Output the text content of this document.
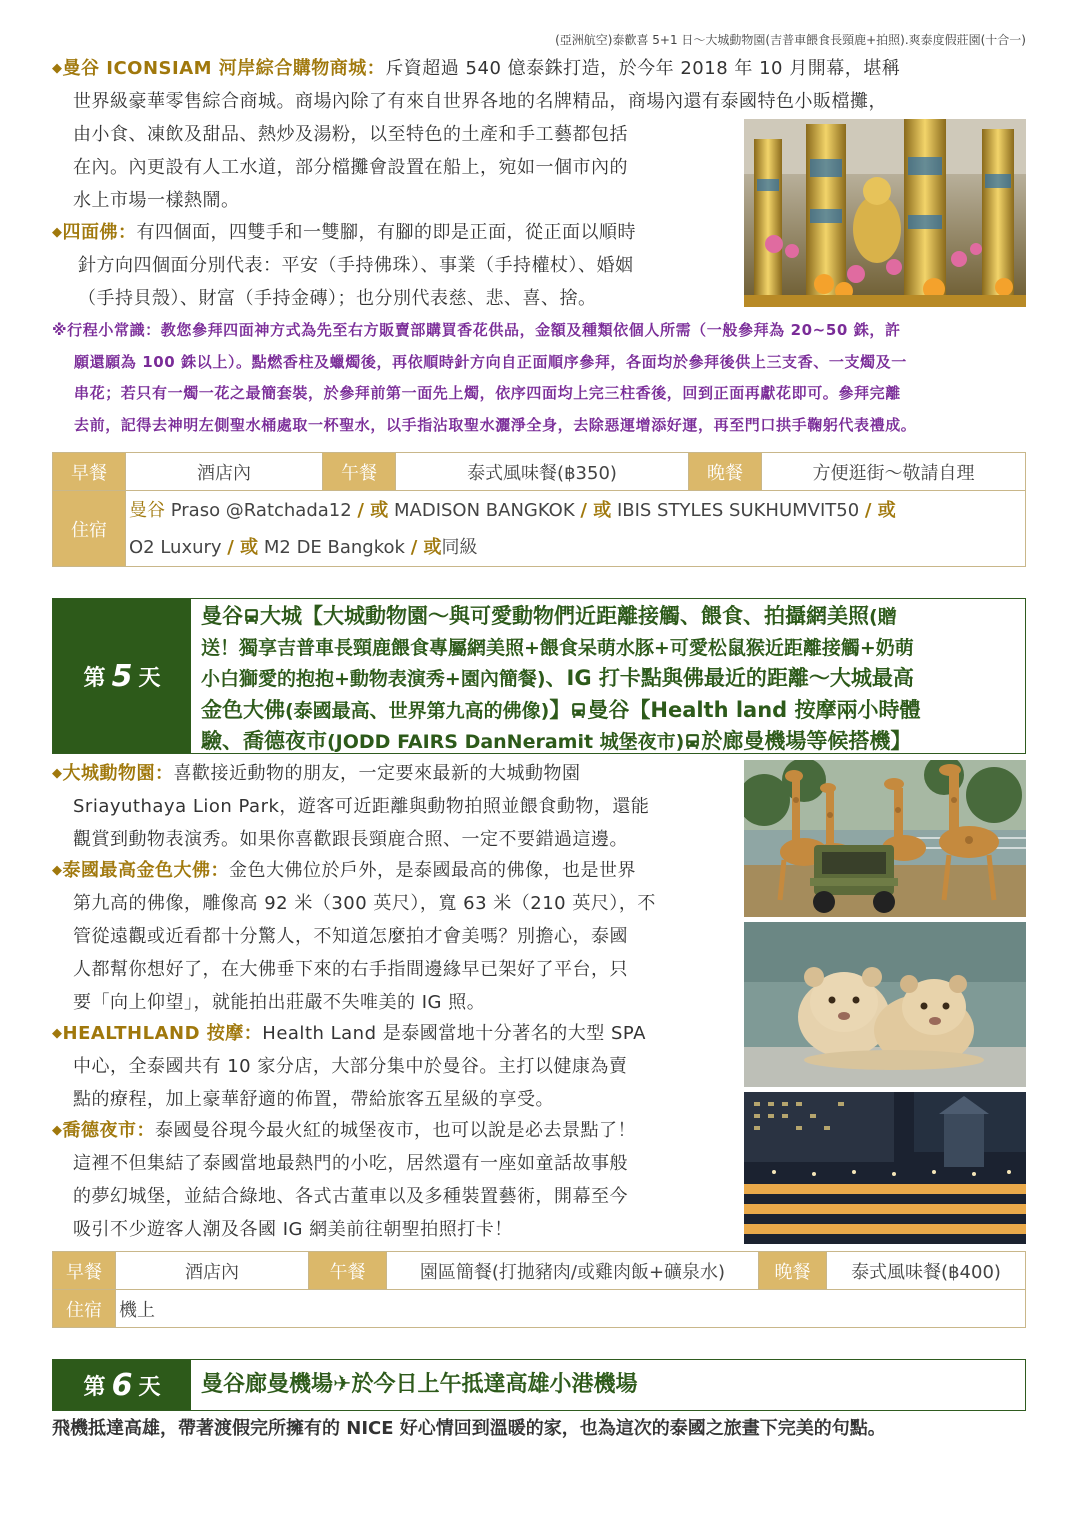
(亞洲航空)泰歡喜 5+1 日～大城動物園(吉普車餵食長頸鹿+拍照).爽泰度假莊園(十合一)
◆曼谷 ICONSIAM 河岸綜合購物商城：斥資超過 540 億泰銖打造，於今年 2018 年 10 月開幕，堪稱
世界級豪華零售綜合商城。商場內除了有來自世界各地的名牌精品，商場內還有泰國特色小販檔攤，
由小食、凍飲及甜品、熱炒及湯粉，以至特色的土產和手工藝都包括
在內。內更設有人工水道，部分檔攤會設置在船上，宛如一個市內的
水上市場一樣熱鬧。
◆四面佛：有四個面，四雙手和一雙腳，有腳的即是正面，從正面以順時
針方向四個面分別代表：平安（手持佛珠）、事業（手持權杖）、婚姻
（手持貝殼）、財富（手持金磚）；也分別代表慈、悲、喜、捨。
※行程小常識：教您參拜四面神方式為先至右方販賣部購買香花供品，金額及種類依個人所需（一般參拜為 20~50 銖，許
願還願為 100 銖以上）。點燃香柱及蠟燭後，再依順時針方向自正面順序參拜，各面均於參拜後供上三支香、一支燭及一
串花；若只有一燭一花之最簡套裝，於參拜前第一面先上燭，依序四面均上完三柱香後，回到正面再獻花即可。參拜完離
去前，記得去神明左側聖水桶處取一杯聖水，以手指沾取聖水灑淨全身，去除惡運增添好運，再至門口拱手鞠躬代表禮成。
早餐	酒店內	午餐	泰式風味餐(฿350)	晚餐	方便逛街～敬請自理
住宿	曼谷 Praso @Ratchada12 / 或 MADISON BANGKOK / 或 IBIS STYLES SUKHUMVIT50 / 或
O2 Luxury / 或 M2 DE Bangkok / 或同級				
第 5 天
曼谷 大城【大城動物園～與可愛動物們近距離接觸、餵食、拍攝網美照(贈
送！獨享吉普車長頸鹿餵食專屬網美照+餵食呆萌水豚+可愛松鼠猴近距離接觸+奶萌
小白獅愛的抱抱+動物表演秀+園內簡餐)、IG 打卡點與佛最近的距離～大城最高
金色大佛(泰國最高、世界第九高的佛像)】 曼谷【Health land 按摩兩小時體
驗、喬德夜市(JODD FAIRS DanNeramit 城堡夜市) 於廊曼機場等候搭機】
◆大城動物園：喜歡接近動物的朋友，一定要來最新的大城動物園
Sriayuthaya Lion Park，遊客可近距離與動物拍照並餵食動物，還能
觀賞到動物表演秀。如果你喜歡跟長頸鹿合照、一定不要錯過這邊。
◆泰國最高金色大佛：金色大佛位於戶外，是泰國最高的佛像，也是世界
第九高的佛像，雕像高 92 米（300 英尺），寬 63 米（210 英尺），不
管從遠觀或近看都十分驚人，不知道怎麼拍才會美嗎？別擔心，泰國
人都幫你想好了，在大佛垂下來的右手指間邊緣早已架好了平台，只
要「向上仰望」，就能拍出莊嚴不失唯美的 IG 照。
◆HEALTHLAND 按摩：Health Land 是泰國當地十分著名的大型 SPA
中心，全泰國共有 10 家分店，大部分集中於曼谷。主打以健康為賣
點的療程，加上豪華舒適的佈置，帶給旅客五星級的享受。
◆喬德夜市：泰國曼谷現今最火紅的城堡夜市，也可以說是必去景點了！
這裡不但集結了泰國當地最熱門的小吃，居然還有一座如童話故事般
的夢幻城堡，並結合綠地、各式古董車以及多種裝置藝術，開幕至今
吸引不少遊客人潮及各國 IG 網美前往朝聖拍照打卡！
早餐	酒店內	午餐	園區簡餐(打拋豬肉/或雞肉飯+礦泉水)	晚餐	泰式風味餐(฿400)
住宿	機上				
第 6 天 曼谷廊曼機場✈於今日上午抵達高雄小港機場
飛機抵達高雄，帶著渡假完所擁有的 NICE 好心情回到溫暖的家，也為這次的泰國之旅畫下完美的句點。
